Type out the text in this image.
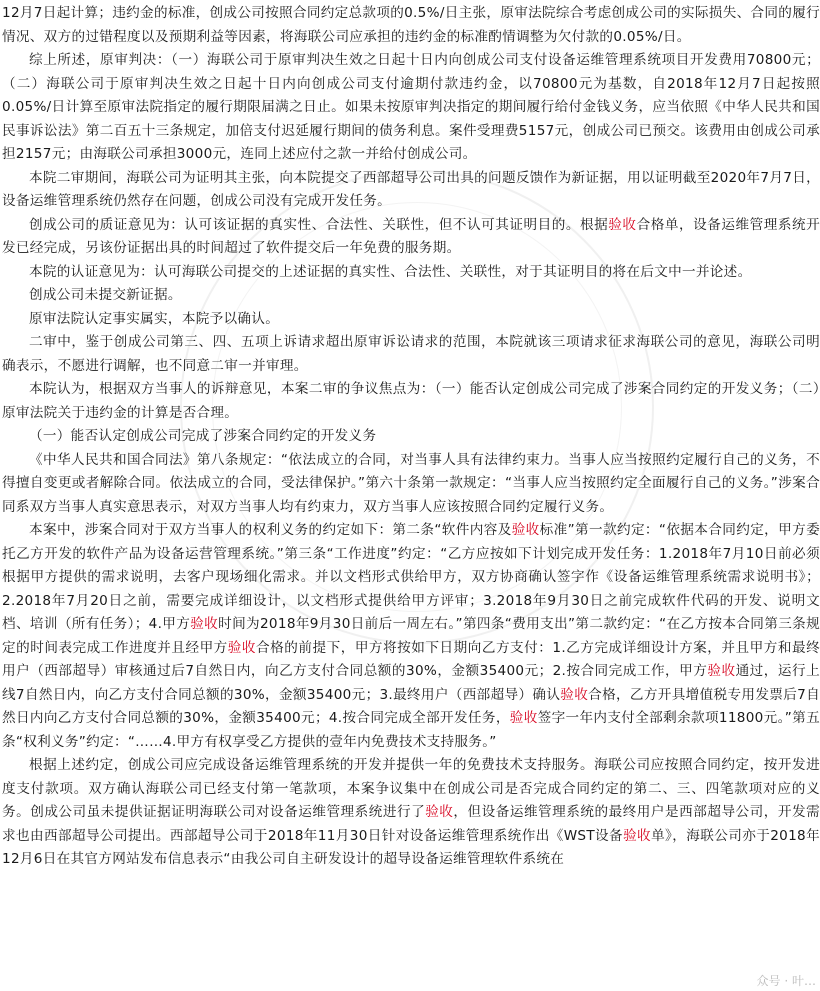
12月7日起计算；违约金的标准，创成公司按照合同约定总款项的0.5%/日主张，原审法院综合考虑创成公司的实际损失、合同的履行情况、双方的过错程度以及预期利益等因素，将海联公司应承担的违约金的标准酌情调整为欠付款的0.05%/日。

综上所述，原审判决：（一）海联公司于原审判决生效之日起十日内向创成公司支付设备运维管理系统项目开发费用70800元；（二）海联公司于原审判决生效之日起十日内向创成公司支付逾期付款违约金，以70800元为基数，自2018年12月7日起按照0.05%/日计算至原审法院指定的履行期限届满之日止。如果未按原审判决指定的期间履行给付金钱义务，应当依照《中华人民共和国民事诉讼法》第二百五十三条规定，加倍支付迟延履行期间的债务利息。案件受理费5157元，创成公司已预交。该费用由创成公司承担2157元；由海联公司承担3000元，连同上述应付之款一并给付创成公司。

本院二审期间，海联公司为证明其主张，向本院提交了西部超导公司出具的问题反馈作为新证据，用以证明截至2020年7月7日，设备运维管理系统仍然存在问题，创成公司没有完成开发任务。

创成公司的质证意见为：认可该证据的真实性、合法性、关联性，但不认可其证明目的。根据验收合格单，设备运维管理系统开发已经完成，另该份证据出具的时间超过了软件提交后一年免费的服务期。

本院的认证意见为：认可海联公司提交的上述证据的真实性、合法性、关联性，对于其证明目的将在后文中一并论述。

创成公司未提交新证据。

原审法院认定事实属实，本院予以确认。

二审中，鉴于创成公司第三、四、五项上诉请求超出原审诉讼请求的范围，本院就该三项请求征求海联公司的意见，海联公司明确表示，不愿进行调解，也不同意二审一并审理。

本院认为，根据双方当事人的诉辩意见，本案二审的争议焦点为：（一）能否认定创成公司完成了涉案合同约定的开发义务；（二）原审法院关于违约金的计算是否合理。

（一）能否认定创成公司完成了涉案合同约定的开发义务

《中华人民共和国合同法》第八条规定：“依法成立的合同，对当事人具有法律约束力。当事人应当按照约定履行自己的义务，不得擅自变更或者解除合同。依法成立的合同，受法律保护。”第六十条第一款规定：“当事人应当按照约定全面履行自己的义务。”涉案合同系双方当事人真实意思表示，对双方当事人均有约束力，双方当事人应该按照合同约定履行义务。

本案中，涉案合同对于双方当事人的权利义务的约定如下：第二条“软件内容及验收标准”第一款约定：“依据本合同约定，甲方委托乙方开发的软件产品为设备运营管理系统。”第三条“工作进度”约定：“乙方应按如下计划完成开发任务：1.2018年7月10日前必须根据甲方提供的需求说明，去客户现场细化需求。并以文档形式供给甲方，双方协商确认签字作《设备运维管理系统需求说明书》；2.2018年7月20日之前，需要完成详细设计，以文档形式提供给甲方评审；3.2018年9月30日之前完成软件代码的开发、说明文档、培训（所有任务）；4.甲方验收时间为2018年9月30日前后一周左右。”第四条“费用支出”第二款约定：“在乙方按本合同第三条规定的时间表完成工作进度并且经甲方验收合格的前提下，甲方将按如下日期向乙方支付：1.乙方完成详细设计方案，并且甲方和最终用户（西部超导）审核通过后7自然日内，向乙方支付合同总额的30%，金额35400元；2.按合同完成工作，甲方验收通过，运行上线7自然日内，向乙方支付合同总额的30%，金额35400元；3.最终用户（西部超导）确认验收合格，乙方开具增值税专用发票后7自然日内向乙方支付合同总额的30%，金额35400元；4.按合同完成全部开发任务，验收签字一年内支付全部剩余款项11800元。”第五条“权利义务”约定：“……4.甲方有权享受乙方提供的壹年内免费技术支持服务。”

根据上述约定，创成公司应完成设备运维管理系统的开发并提供一年的免费技术支持服务。海联公司应按照合同约定，按开发进度支付款项。双方确认海联公司已经支付第一笔款项，本案争议集中在创成公司是否完成合同约定的第二、三、四笔款项对应的义务。创成公司虽未提供证据证明海联公司对设备运维管理系统进行了验收，但设备运维管理系统的最终用户是西部超导公司，开发需求也由西部超导公司提出。西部超导公司于2018年11月30日针对设备运维管理系统作出《WST设备验收单》，海联公司亦于2018年12月6日在其官方网站发布信息表示“由我公司自主研发设计的超导设备运维管理软件系统在

众号 · 叶…
